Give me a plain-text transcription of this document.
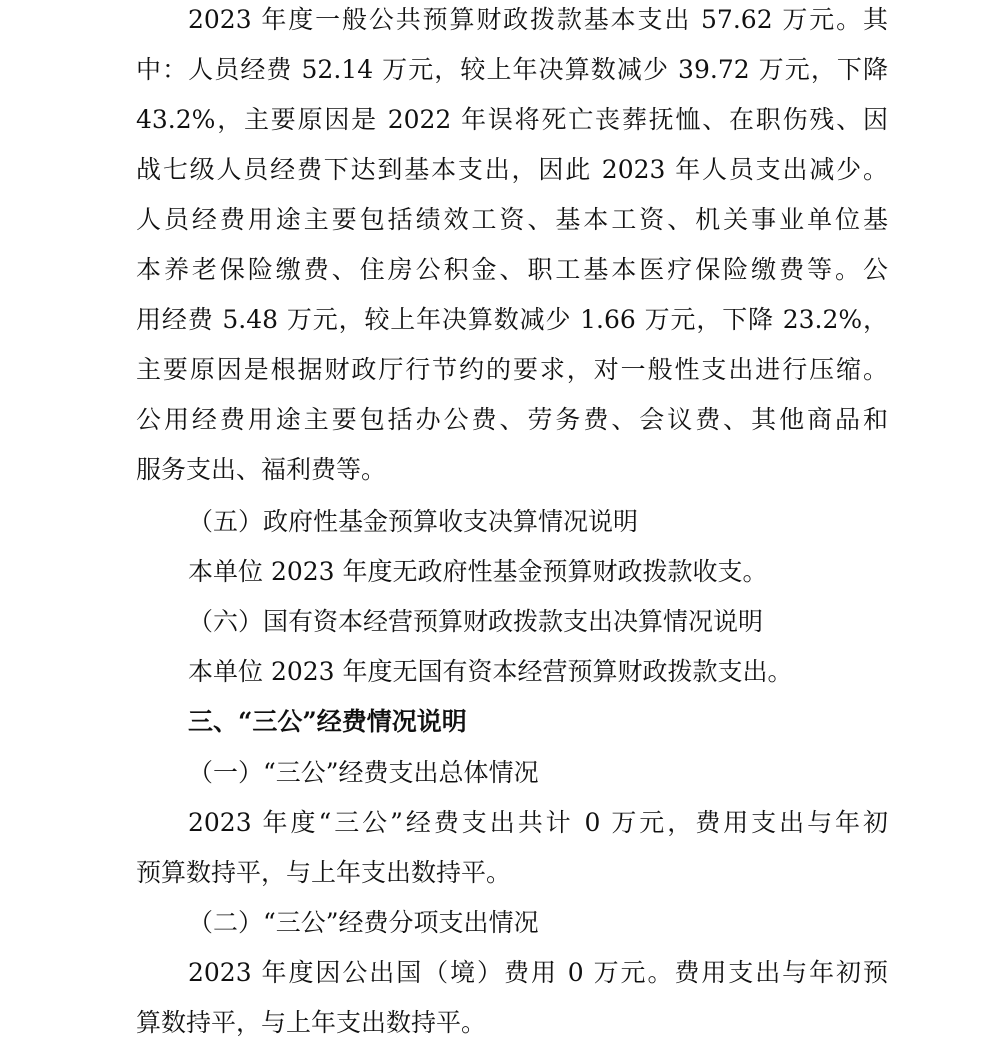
2023 年度一般公共预算财政拨款基本支出 57.62 万元。其
中：人员经费 52.14 万元，较上年决算数减少 39.72 万元，下降
43.2%，主要原因是 2022 年误将死亡丧葬抚恤、在职伤残、因
战七级人员经费下达到基本支出，因此 2023 年人员支出减少。
人员经费用途主要包括绩效工资、基本工资、机关事业单位基
本养老保险缴费、住房公积金、职工基本医疗保险缴费等。公
用经费 5.48 万元，较上年决算数减少 1.66 万元，下降 23.2%，
主要原因是根据财政厅行节约的要求，对一般性支出进行压缩。
公用经费用途主要包括办公费、劳务费、会议费、其他商品和
服务支出、福利费等。
（五）政府性基金预算收支决算情况说明
本单位 2023 年度无政府性基金预算财政拨款收支。
（六）国有资本经营预算财政拨款支出决算情况说明
本单位 2023 年度无国有资本经营预算财政拨款支出。
三、“三公”经费情况说明
（一）“三公”经费支出总体情况
2023 年度“三公”经费支出共计 0 万元，费用支出与年初
预算数持平，与上年支出数持平。
（二）“三公”经费分项支出情况
2023 年度因公出国（境）费用 0 万元。费用支出与年初预
算数持平，与上年支出数持平。
